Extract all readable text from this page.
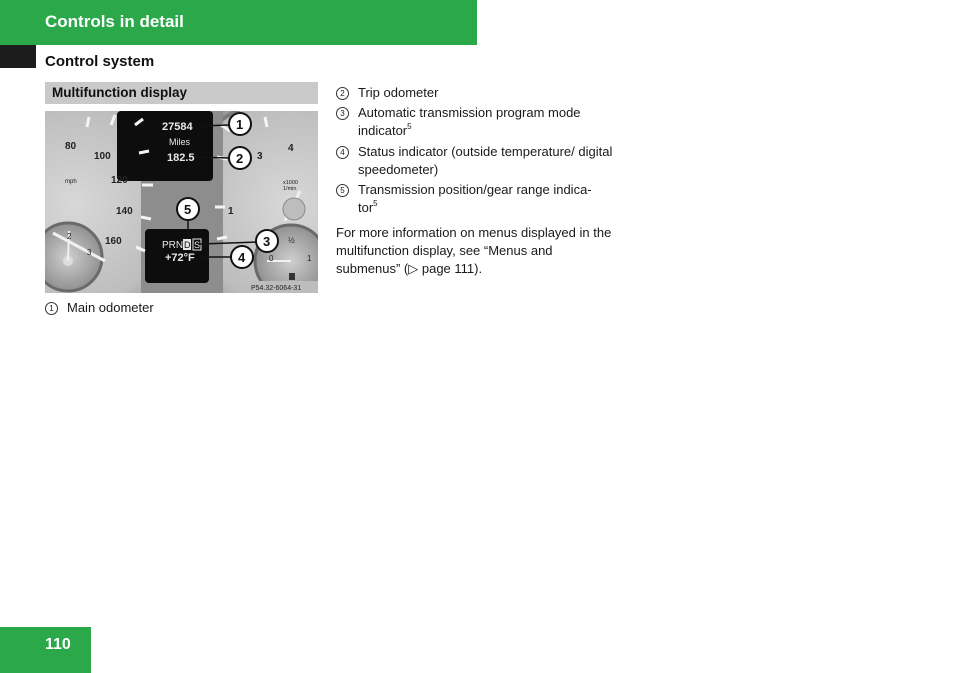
Controls in detail
Control system
Multifunction display
80
100
120
140
160
mph
3
4
1
x1000 1/min
2
3
½
1
0
27584
Miles
182.5
PRN D S
+72°F
1
2
3
4
5
P54.32-6064-31
1 Main odometer
2	Trip odometer
3	Automatic transmission program mode indicator$^5$
4	Status indicator (outside temperature/ digital speedometer)
5	Transmission position/gear range indica-tor$^5$
For more information on menus displayed in the multifunction display, see “Menus and submenus” (▷ page 111).
110
